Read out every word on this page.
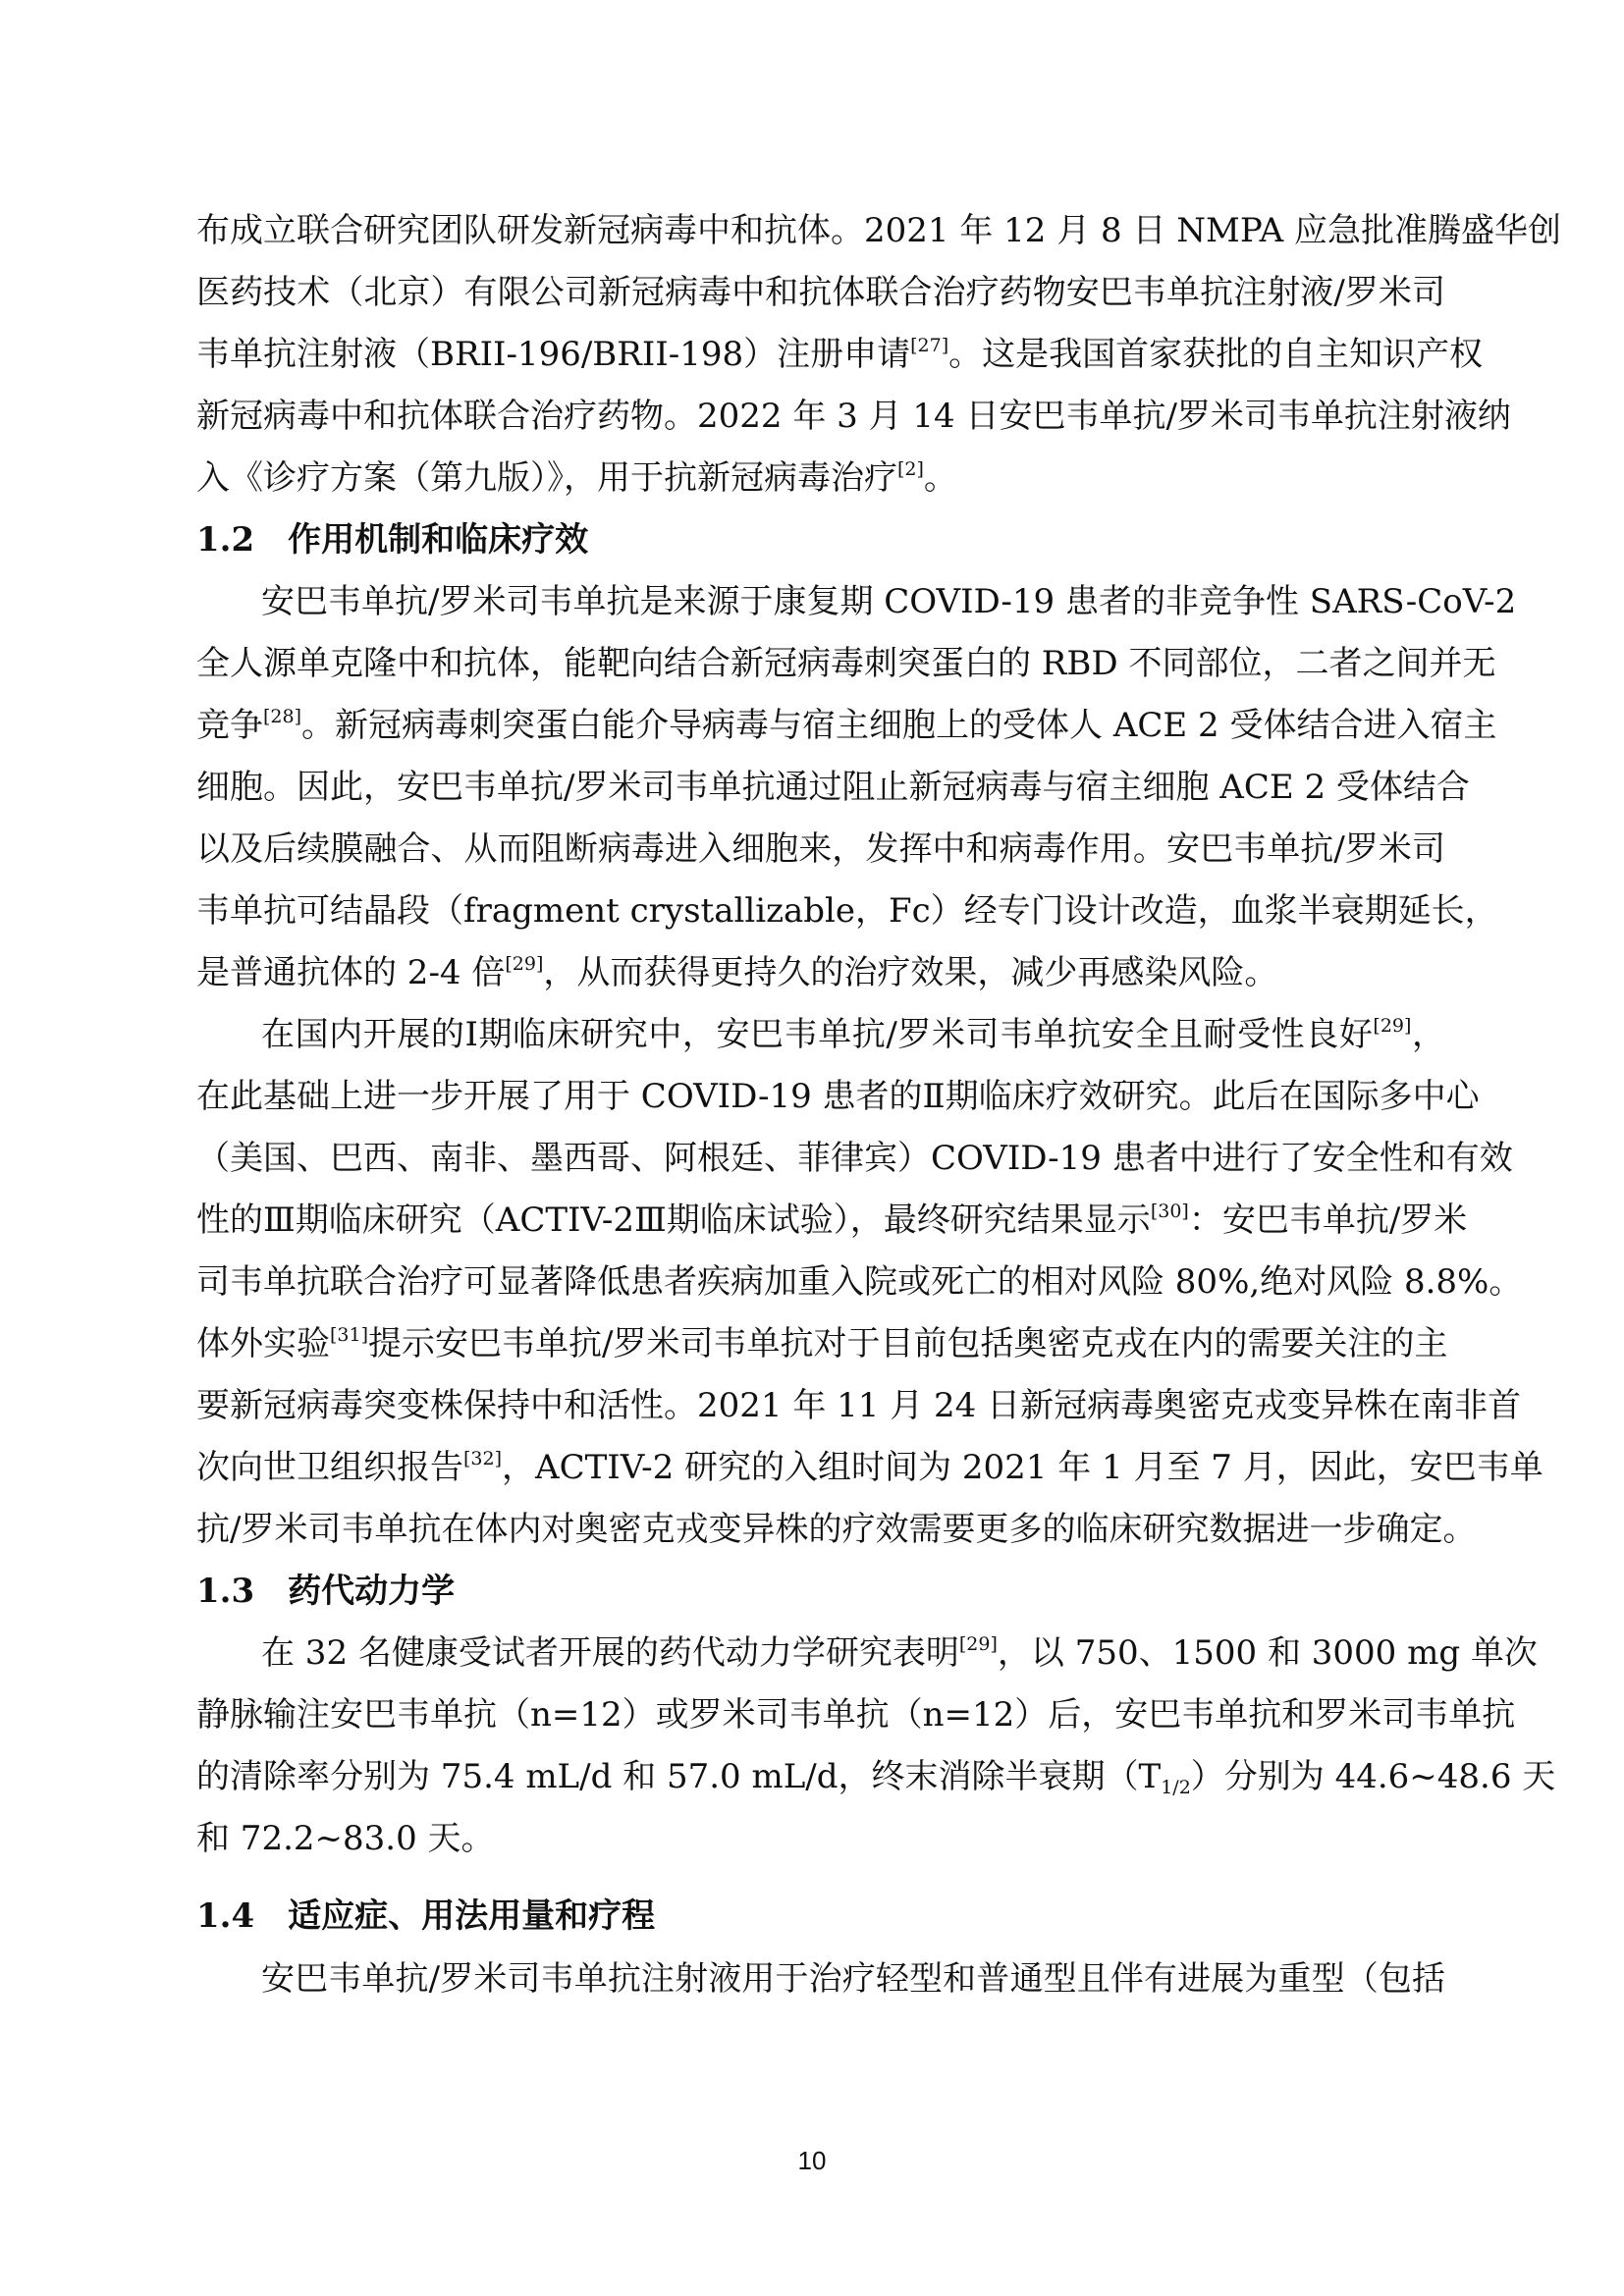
布成立联合研究团队研发新冠病毒中和抗体。2021 年 12 月 8 日 NMPA 应急批准腾盛华创
医药技术（北京）有限公司新冠病毒中和抗体联合治疗药物安巴韦单抗注射液/罗米司
韦单抗注射液（BRII-196/BRII-198）注册申请[27]。这是我国首家获批的自主知识产权
新冠病毒中和抗体联合治疗药物。2022 年 3 月 14 日安巴韦单抗/罗米司韦单抗注射液纳
入《诊疗方案（第九版）》，用于抗新冠病毒治疗[2]。
1.2　作用机制和临床疗效
安巴韦单抗/罗米司韦单抗是来源于康复期 COVID-19 患者的非竞争性 SARS-CoV-2
全人源单克隆中和抗体，能靶向结合新冠病毒刺突蛋白的 RBD 不同部位，二者之间并无
竞争[28]。新冠病毒刺突蛋白能介导病毒与宿主细胞上的受体人 ACE 2 受体结合进入宿主
细胞。因此，安巴韦单抗/罗米司韦单抗通过阻止新冠病毒与宿主细胞 ACE 2 受体结合
以及后续膜融合、从而阻断病毒进入细胞来，发挥中和病毒作用。安巴韦单抗/罗米司
韦单抗可结晶段（fragment crystallizable，Fc）经专门设计改造，血浆半衰期延长，
是普通抗体的 2-4 倍[29]，从而获得更持久的治疗效果，减少再感染风险。
在国内开展的Ⅰ期临床研究中，安巴韦单抗/罗米司韦单抗安全且耐受性良好[29]，
在此基础上进一步开展了用于 COVID-19 患者的Ⅱ期临床疗效研究。此后在国际多中心
（美国、巴西、南非、墨西哥、阿根廷、菲律宾）COVID-19 患者中进行了安全性和有效
性的Ⅲ期临床研究（ACTIV-2Ⅲ期临床试验），最终研究结果显示[30]：安巴韦单抗/罗米
司韦单抗联合治疗可显著降低患者疾病加重入院或死亡的相对风险 80%,绝对风险 8.8%。
体外实验[31]提示安巴韦单抗/罗米司韦单抗对于目前包括奥密克戎在内的需要关注的主
要新冠病毒突变株保持中和活性。2021 年 11 月 24 日新冠病毒奥密克戎变异株在南非首
次向世卫组织报告[32]，ACTIV-2 研究的入组时间为 2021 年 1 月至 7 月，因此，安巴韦单
抗/罗米司韦单抗在体内对奥密克戎变异株的疗效需要更多的临床研究数据进一步确定。
1.3　药代动力学
在 32 名健康受试者开展的药代动力学研究表明[29]，以 750、1500 和 3000 mg 单次
静脉输注安巴韦单抗（n=12）或罗米司韦单抗（n=12）后，安巴韦单抗和罗米司韦单抗
的清除率分别为 75.4 mL/d 和 57.0 mL/d，终末消除半衰期$(T_{1/2})$分别为 44.6~48.6 天
和 72.2~83.0 天。
1.4　适应症、用法用量和疗程
安巴韦单抗/罗米司韦单抗注射液用于治疗轻型和普通型且伴有进展为重型（包括
10
